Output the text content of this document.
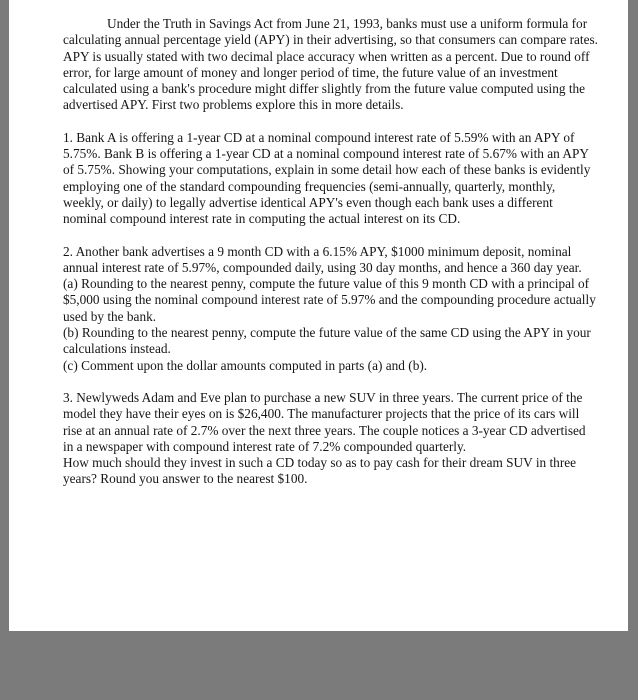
Under the Truth in Savings Act from June 21, 1993, banks must use a uniform formula for calculating annual percentage yield (APY) in their advertising, so that consumers can compare rates. APY is usually stated with two decimal place accuracy when written as a percent. Due to round off error, for large amount of money and longer period of time, the future value of an investment calculated using a bank's procedure might differ slightly from the future value computed using the advertised APY. First two problems explore this in more details.

1. Bank A is offering a 1-year CD at a nominal compound interest rate of 5.59% with an APY of 5.75%. Bank B is offering a 1-year CD at a nominal compound interest rate of 5.67% with an APY of 5.75%. Showing your computations, explain in some detail how each of these banks is evidently employing one of the standard compounding frequencies (semi-annually, quarterly, monthly, weekly, or daily) to legally advertise identical APY's even though each bank uses a different nominal compound interest rate in computing the actual interest on its CD.

2. Another bank advertises a 9 month CD with a 6.15% APY, $1000 minimum deposit, nominal annual interest rate of 5.97%, compounded daily, using 30 day months, and hence a 360 day year.

(a) Rounding to the nearest penny, compute the future value of this 9 month CD with a principal of $5,000 using the nominal compound interest rate of 5.97% and the compounding procedure actually used by the bank.

(b) Rounding to the nearest penny, compute the future value of the same CD using the APY in your calculations instead.

(c) Comment upon the dollar amounts computed in parts (a) and (b).

3. Newlyweds Adam and Eve plan to purchase a new SUV in three years. The current price of the model they have their eyes on is $26,400. The manufacturer projects that the price of its cars will rise at an annual rate of 2.7% over the next three years. The couple notices a 3-year CD advertised in a newspaper with compound interest rate of 7.2% compounded quarterly.

How much should they invest in such a CD today so as to pay cash for their dream SUV in three years? Round you answer to the nearest $100.
